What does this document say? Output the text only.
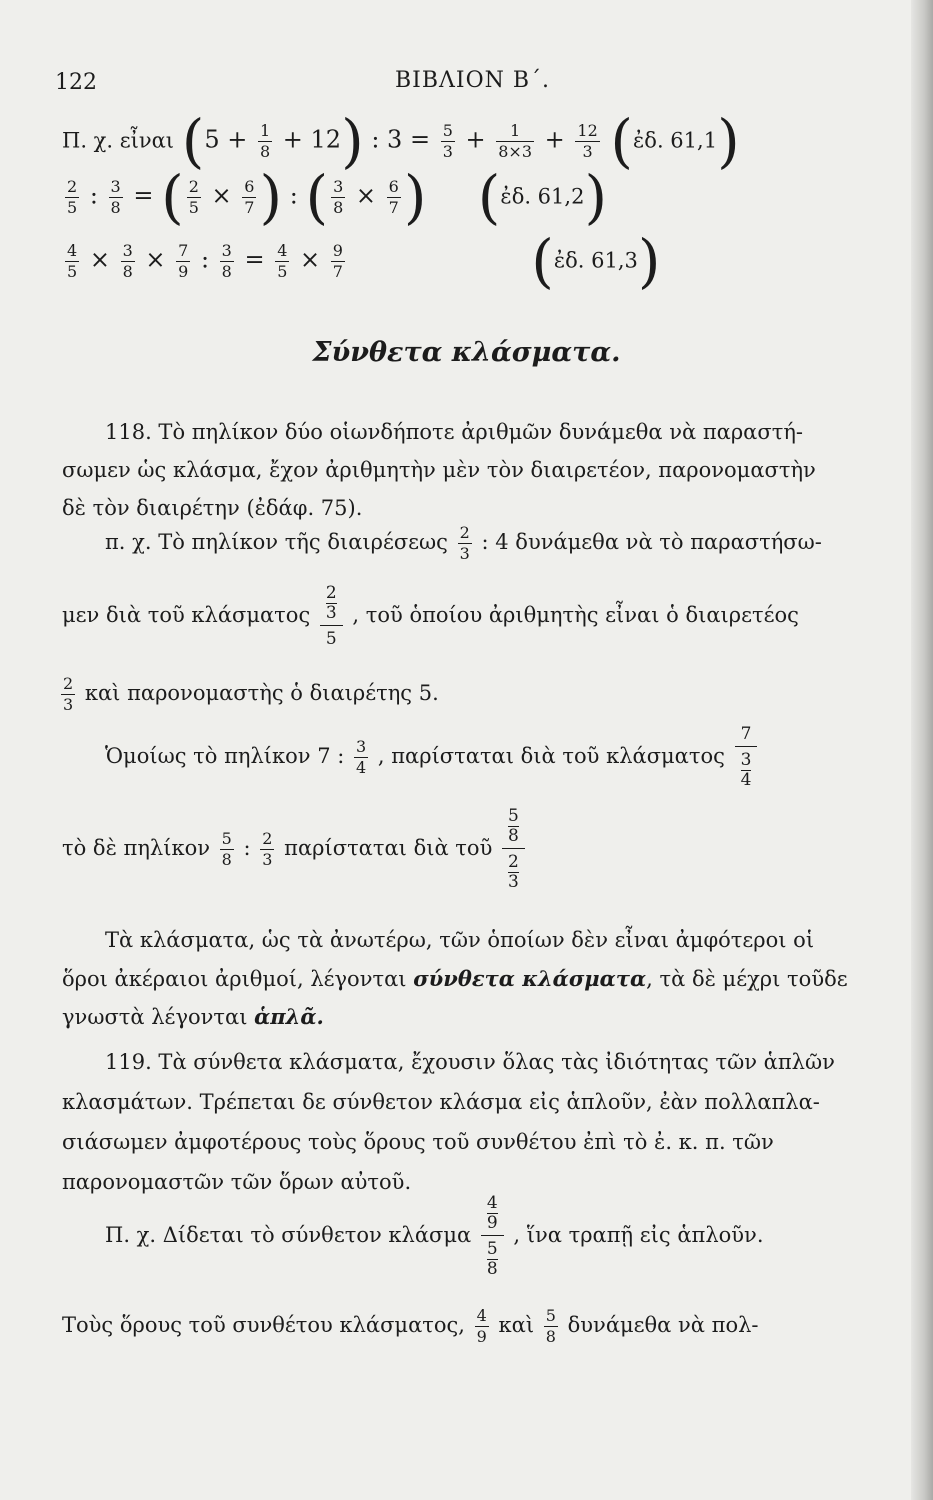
122	ΒΙΒΛΙΟΝ Β΄.
Π. χ. εἶναι $(5 + \frac{1}{8} + 12)$ : $3 = \frac{5}{3} + \frac{1}{8\times 3} + \frac{12}{3}$ (ἐδ. 61,1)
$\frac{2}{5}$ : $\frac{3}{8}$ = ( $\frac{2}{5} \times \frac{6}{7}$ ) : ( $\frac{3}{8} \times \frac{6}{7}$ ) (ἐδ. 61,2)
$\frac{4}{5} \times \frac{3}{8} \times \frac{7}{9}$ : $\frac{3}{8} = \frac{4}{5} \times \frac{9}{7}$	(ἐδ. 61,3)
Σύνθετα κλάσματα.
118. Τὸ πηλίκον δύο οἱωνδήποτε ἀριθμῶν δυνάμεθα νὰ παραστή-
σωμεν ὡς κλάσμα, ἔχον ἀριθμητὴν μὲν τὸν διαιρετέον, παρονομαστὴν
δὲ τὸν διαιρέτην (ἐδάφ. 75).
π. χ. Τὸ πηλίκον τῆς διαιρέσεως $\frac{2}{3}$ : 4 δυνάμεθα νὰ τὸ παραστήσω-
μεν διὰ τοῦ κλάσματος 2
3
5 , τοῦ ὁποίου ἀριθμητὴς εἶναι ὁ διαιρετέος
$\frac{2}{3}$ καὶ παρονομαστὴς ὁ διαιρέτης 5.
Ὁμοίως τὸ πηλίκον 7 : $\frac{3}{4}$ , παρίσταται διὰ τοῦ κλάσματος 7
3
4
τὸ δὲ πηλίκον $\frac{5}{8}$ : $\frac{2}{3}$ παρίσταται διὰ τοῦ 5
8
2
3
Τὰ κλάσματα, ὡς τὰ ἀνωτέρω, τῶν ὁποίων δὲν εἶναι ἀμφότεροι οἱ
ὅροι ἀκέραιοι ἀριθμοί, λέγονται σύνθετα κλάσματα, τὰ δὲ μέχρι τοῦδε
γνωστὰ λέγονται ἁπλᾶ.
119. Τὰ σύνθετα κλάσματα, ἔχουσιν ὅλας τὰς ἰδιότητας τῶν ἁπλῶν
κλασμάτων. Τρέπεται δε σύνθετον κλάσμα εἰς ἁπλοῦν, ἐὰν πολλαπλα-
σιάσωμεν ἀμφοτέρους τοὺς ὅρους τοῦ συνθέτου ἐπὶ τὸ ἐ. κ. π. τῶν
παρονομαστῶν τῶν ὅρων αὐτοῦ.
Π. χ. Δίδεται τὸ σύνθετον κλάσμα 4
9
5
8 , ἵνα τραπῇ εἰς ἁπλοῦν.
Τοὺς ὅρους τοῦ συνθέτου κλάσματος, $\frac{4}{9}$ καὶ $\frac{5}{8}$ δυνάμεθα νὰ πολ-
